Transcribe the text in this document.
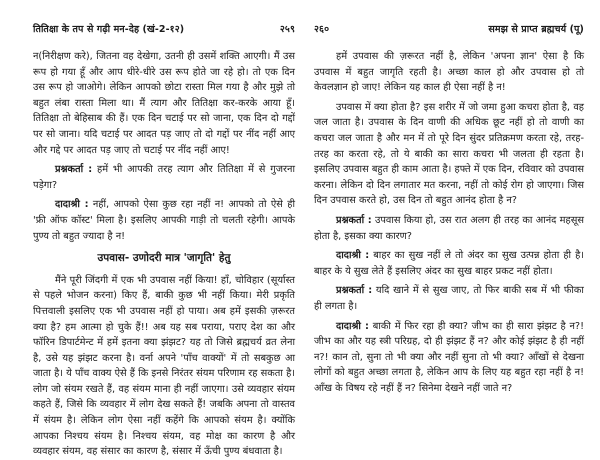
तितिक्षा के तप से गढ़ी मन-देह (खं-2-१२)	२५९

न(निरीक्षण करे), जितना वह देखेगा, उतनी ही उसमें शक्ति आएगी। मैं उस रूप हो गया हूँ और आप धीरे-धीरे उस रूप होते जा रहे हो। तो एक दिन उस रूप हो जाओगे। लेकिन आपको छोटा रास्ता मिल गया है और मुझे तो बहुत लंबा रास्ता मिला था। मैं त्याग और तितिक्षा कर-करके आया हूँ। तितिक्षा तो बेहिसाब की हैं। एक दिन चटाई पर सो जाना, एक दिन दो गद्दों पर सो जाना। यदि चटाई पर आदत पड़ जाए तो दो गद्दों पर नींद नहीं आए और गद्दे पर आदत पड़ जाए तो चटाई पर नींद नहीं आए!

प्रश्नकर्ता : हमें भी आपकी तरह त्याग और तितिक्षा में से गुजरना पड़ेगा?

दादाश्री : नहीं, आपको ऐसा कुछ रहा नहीं न! आपको तो ऐसे ही 'फ्री ऑफ कॉस्ट' मिला है। इसलिए आपकी गाड़ी तो चलती रहेगी। आपके पुण्य तो बहुत ज्यादा है न!

उपवास- उणोदरी मात्र 'जागृति' हेतु

मैंने पूरी जिंदगी में एक भी उपवास नहीं किया! हाँ, चोविहार (सूर्यास्त से पहले भोजन करना) किए हैं, बाकी कुछ भी नहीं किया। मेरी प्रकृति पित्तवाली इसलिए एक भी उपवास नहीं हो पाया। अब हमें इसकी ज़रूरत क्या है? हम आत्मा हो चुके हैं!! अब यह सब पराया, पराए देश का और फॉरिन डिपार्टमेन्ट में हमें इतना क्या झंझट? यह तो जिसे ब्रह्मचर्य व्रत लेना है, उसे यह झंझट करना है। वर्ना अपने 'पाँच वाक्यों' में तो सबकुछ आ जाता है। ये पाँच वाक्य ऐसे हैं कि इनसे निरंतर संयम परिणाम रह सकता है। लोग जो संयम रखते हैं, वह संयम माना ही नहीं जाएगा। उसे व्यवहार संयम कहते हैं, जिसे कि व्यवहार में लोग देख सकते हैं! जबकि अपना तो वास्तव में संयम है। लेकिन लोग ऐसा नहीं कहेंगे कि आपको संयम है। क्योंकि आपका निश्चय संयम है। निश्चय संयम, वह मोक्ष का कारण है और व्यवहार संयम, वह संसार का कारण है, संसार में ऊँची पुण्य बंधवाता है।

२६०	समझ से प्राप्त ब्रह्मचर्य (पू)

हमें उपवास की ज़रूरत नहीं है, लेकिन 'अपना ज्ञान' ऐसा है कि उपवास में बहुत जागृति रहती है। अच्छा काल हो और उपवास हो तो केवलज्ञान हो जाए! लेकिन यह काल ही ऐसा नहीं है न!

उपवास में क्या होता है? इस शरीर में जो जमा हुआ कचरा होता है, वह जल जाता है। उपवास के दिन वाणी की अधिक छूट नहीं हो तो वाणी का कचरा जल जाता है और मन में तो पूरे दिन सुंदर प्रतिक्रमण करता रहे, तरह-तरह का करता रहे, तो ये बाकी का सारा कचरा भी जलता ही रहता है। इसलिए उपवास बहुत ही काम आता है। हफ्ते में एक दिन, रविवार को उपवास करना। लेकिन दो दिन लगातार मत करना, नहीं तो कोई रोग हो जाएगा। जिस दिन उपवास करते हो, उस दिन तो बहुत आनंद होता है न?

प्रश्नकर्ता : उपवास किया हो, उस रात अलग ही तरह का आनंद महसूस होता है, इसका क्या कारण?

दादाश्री : बाहर का सुख नहीं ले तो अंदर का सुख उत्पन्न होता ही है। बाहर के ये सुख लेते हैं इसलिए अंदर का सुख बाहर प्रकट नहीं होता।

प्रश्नकर्ता : यदि खाने में से सुख जाए, तो फिर बाकी सब में भी फीका ही लगता है।

दादाश्री : बाकी में फिर रहा ही क्या? जीभ का ही सारा झंझट है न?! जीभ का और यह स्त्री परिग्रह, दो ही झंझट हैं न? और कोई झंझट है ही नहीं न?! कान तो, सुना तो भी क्या और नहीं सुना तो भी क्या? आँखों से देखना लोगों को बहुत अच्छा लगता है, लेकिन आप के लिए यह बहुत रहा नहीं है न! आँख के विषय रहे नहीं हैं न? सिनेमा देखने नहीं जाते न?
